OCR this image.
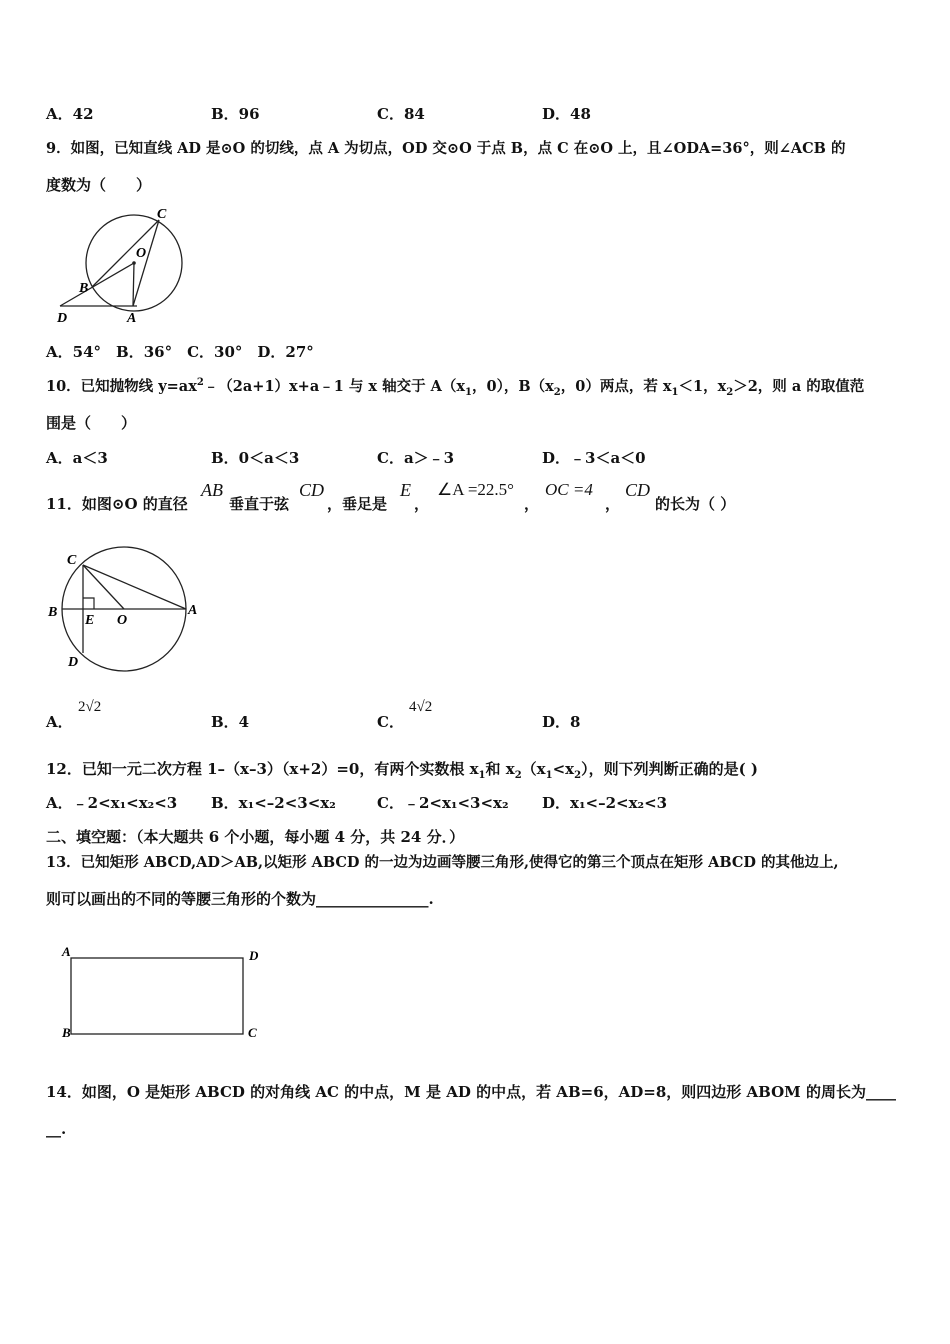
A．42	B．96	C．84	D．48
9．如图，已知直线 AD 是⊙O 的切线，点 A 为切点，OD 交⊙O 于点 B，点 C 在⊙O 上，且∠ODA=36°，则∠ACB 的
度数为（　　）
C
O
B
D	A
A．54°　B．36°　C．30°　D．27°
10．已知抛物线 $y=ax^2﹣(2a+1)x+a﹣1$ 与 x 轴交于 $A(x_1$，0），$B(x_2$，0）两点，若 $x_1<1$，$x_2>2$，则 a 的取值范
围是（　　）
A．a＜3	B．0＜a＜3	C．a＞﹣3	D．﹣3＜a＜0
11．如图⊙O 的直径
AB
垂直于弦
CD
，垂足是
E
，
∠A =22.5°
，
OC =4
，
CD
的长为（ ）
C
B
E O
A
D
A．
2√2
B．4	C．
4√2
D．8
12．已知一元二次方程 1–（x–3）（x+2）=0，有两个实数根 $x_1$和 $x_2(x_1<x_2)$，则下列判断正确的是( )
A．﹣2<x₁<x₂<3 B．x₁<–2<3<x₂	C．﹣2<x₁<3<x₂ D．x₁<–2<x₂<3
二、填空题：（本大题共 6 个小题，每小题 4 分，共 24 分．）
13．已知矩形 ABCD,AD＞AB,以矩形 ABCD 的一边为边画等腰三角形,使得它的第三个顶点在矩形 ABCD 的其他边上,
则可以画出的不同的等腰三角形的个数为_______________.
A	D
B	C
14．如图，O 是矩形 ABCD 的对角线 AC 的中点，M 是 AD 的中点，若 AB=6，AD=8，则四边形 ABOM 的周长为____
__.
